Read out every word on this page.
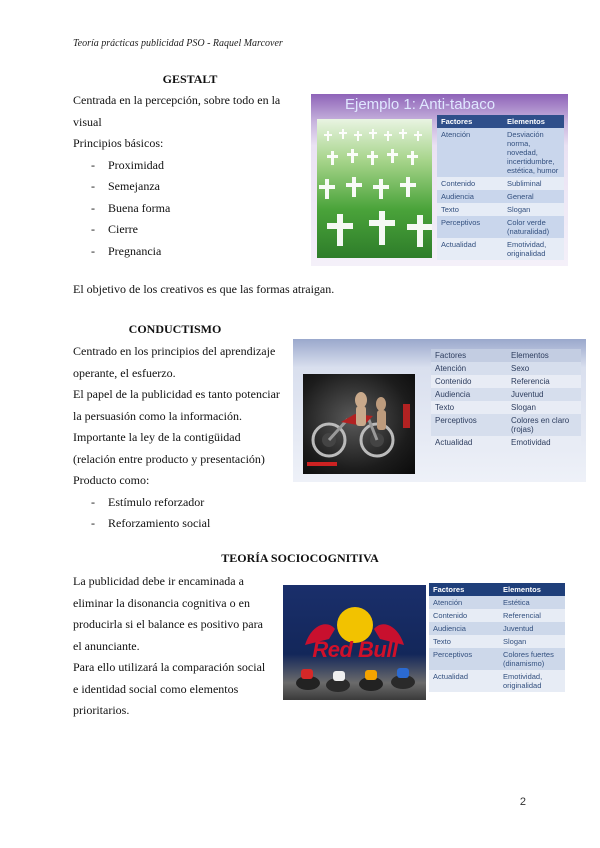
Teoría prácticas publicidad PSO - Raquel Marcover
GESTALT

Centrada en la percepción, sobre todo en la

visual

Principios básicos:

- Proximidad
- Semejanza
- Buena forma
- Cierre
- Pregnancia
El objetivo de los creativos es que las formas atraigan.
Ejemplo 1: Anti-tabaco
Factores	Elementos
Atención	Desviación norma, novedad, incertidumbre, estética, humor
Contenido	Subliminal
Audiencia	General
Texto	Slogan
Perceptivos	Color verde (naturalidad)
Actualidad	Emotividad, originalidad
CONDUCTISMO

Centrado en los principios del aprendizaje

operante, el esfuerzo.

El papel de la publicidad es tanto potenciar

la persuasión como la información.

Importante la ley de la contigüidad

(relación entre producto y presentación)

Producto como:

- Estímulo reforzador
- Reforzamiento social
Factores	Elementos
Atención	Sexo
Contenido	Referencia
Audiencia	Juventud
Texto	Slogan
Perceptivos	Colores en claro (rojas)
Actualidad	Emotividad
TEORÍA SOCIOCOGNITIVA

La publicidad debe ir encaminada a

eliminar la disonancia cognitiva o en

producirla si el balance es positivo para

el anunciante.

Para ello utilizará la comparación social

e identidad social como elementos

prioritarios.

Red Bull
Factores	Elementos
Atención	Estética
Contenido	Referencial
Audiencia	Juventud
Texto	Slogan
Perceptivos	Colores fuertes (dinamismo)
Actualidad	Emotividad, originalidad
2
